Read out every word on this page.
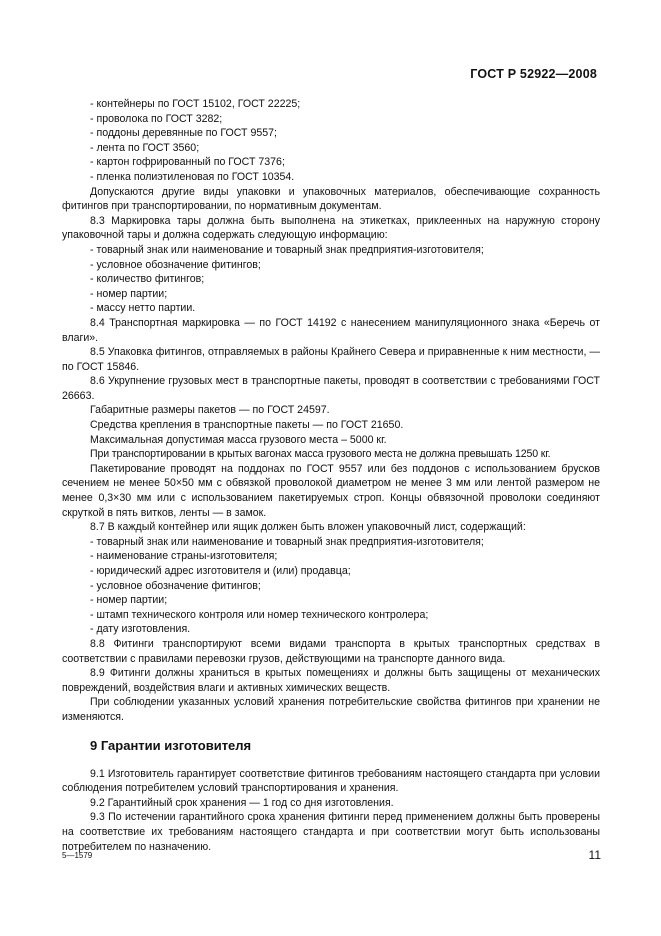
ГОСТ Р 52922—2008
- контейнеры по ГОСТ 15102, ГОСТ 22225;
- проволока по ГОСТ 3282;
- поддоны деревянные по ГОСТ 9557;
- лента по ГОСТ 3560;
- картон гофрированный по ГОСТ 7376;
- пленка полиэтиленовая по ГОСТ 10354.

Допускаются другие виды упаковки и упаковочных материалов, обеспечивающие сохранность фитингов при транспортировании, по нормативным документам.

8.3 Маркировка тары должна быть выполнена на этикетках, приклеенных на наружную сторону упаковочной тары и должна содержать следующую информацию:

- товарный знак или наименование и товарный знак предприятия-изготовителя;
- условное обозначение фитингов;
- количество фитингов;
- номер партии;
- массу нетто партии.

8.4 Транспортная маркировка — по ГОСТ 14192 с нанесением манипуляционного знака «Беречь от влаги».

8.5 Упаковка фитингов, отправляемых в районы Крайнего Севера и приравненные к ним местности, — по ГОСТ 15846.

8.6 Укрупнение грузовых мест в транспортные пакеты, проводят в соответствии с требованиями ГОСТ 26663.

Габаритные размеры пакетов — по ГОСТ 24597.

Средства крепления в транспортные пакеты — по ГОСТ 21650.

Максимальная допустимая масса грузового места – 5000 кг.

При транспортировании в крытых вагонах масса грузового места не должна превышать 1250 кг.

Пакетирование проводят на поддонах по ГОСТ 9557 или без поддонов с использованием брусков сечением не менее 50×50 мм с обвязкой проволокой диаметром не менее 3 мм или лентой размером не менее 0,3×30 мм или с использованием пакетируемых строп. Концы обвязочной проволоки соединяют скруткой в пять витков, ленты — в замок.

8.7 В каждый контейнер или ящик должен быть вложен упаковочный лист, содержащий:

- товарный знак или наименование и товарный знак предприятия-изготовителя;
- наименование страны-изготовителя;
- юридический адрес изготовителя и (или) продавца;
- условное обозначение фитингов;
- номер партии;
- штамп технического контроля или номер технического контролера;
- дату изготовления.

8.8 Фитинги транспортируют всеми видами транспорта в крытых транспортных средствах в соответствии с правилами перевозки грузов, действующими на транспорте данного вида.

8.9 Фитинги должны храниться в крытых помещениях и должны быть защищены от механических повреждений, воздействия влаги и активных химических веществ.

При соблюдении указанных условий хранения потребительские свойства фитингов при хранении не изменяются.

9 Гарантии изготовителя

9.1 Изготовитель гарантирует соответствие фитингов требованиям настоящего стандарта при условии соблюдения потребителем условий транспортирования и хранения.

9.2 Гарантийный срок хранения — 1 год со дня изготовления.

9.3 По истечении гарантийного срока хранения фитинги перед применением должны быть проверены на соответствие их требованиям настоящего стандарта и при соответствии могут быть использованы потребителем по назначению.

5—1579	11
